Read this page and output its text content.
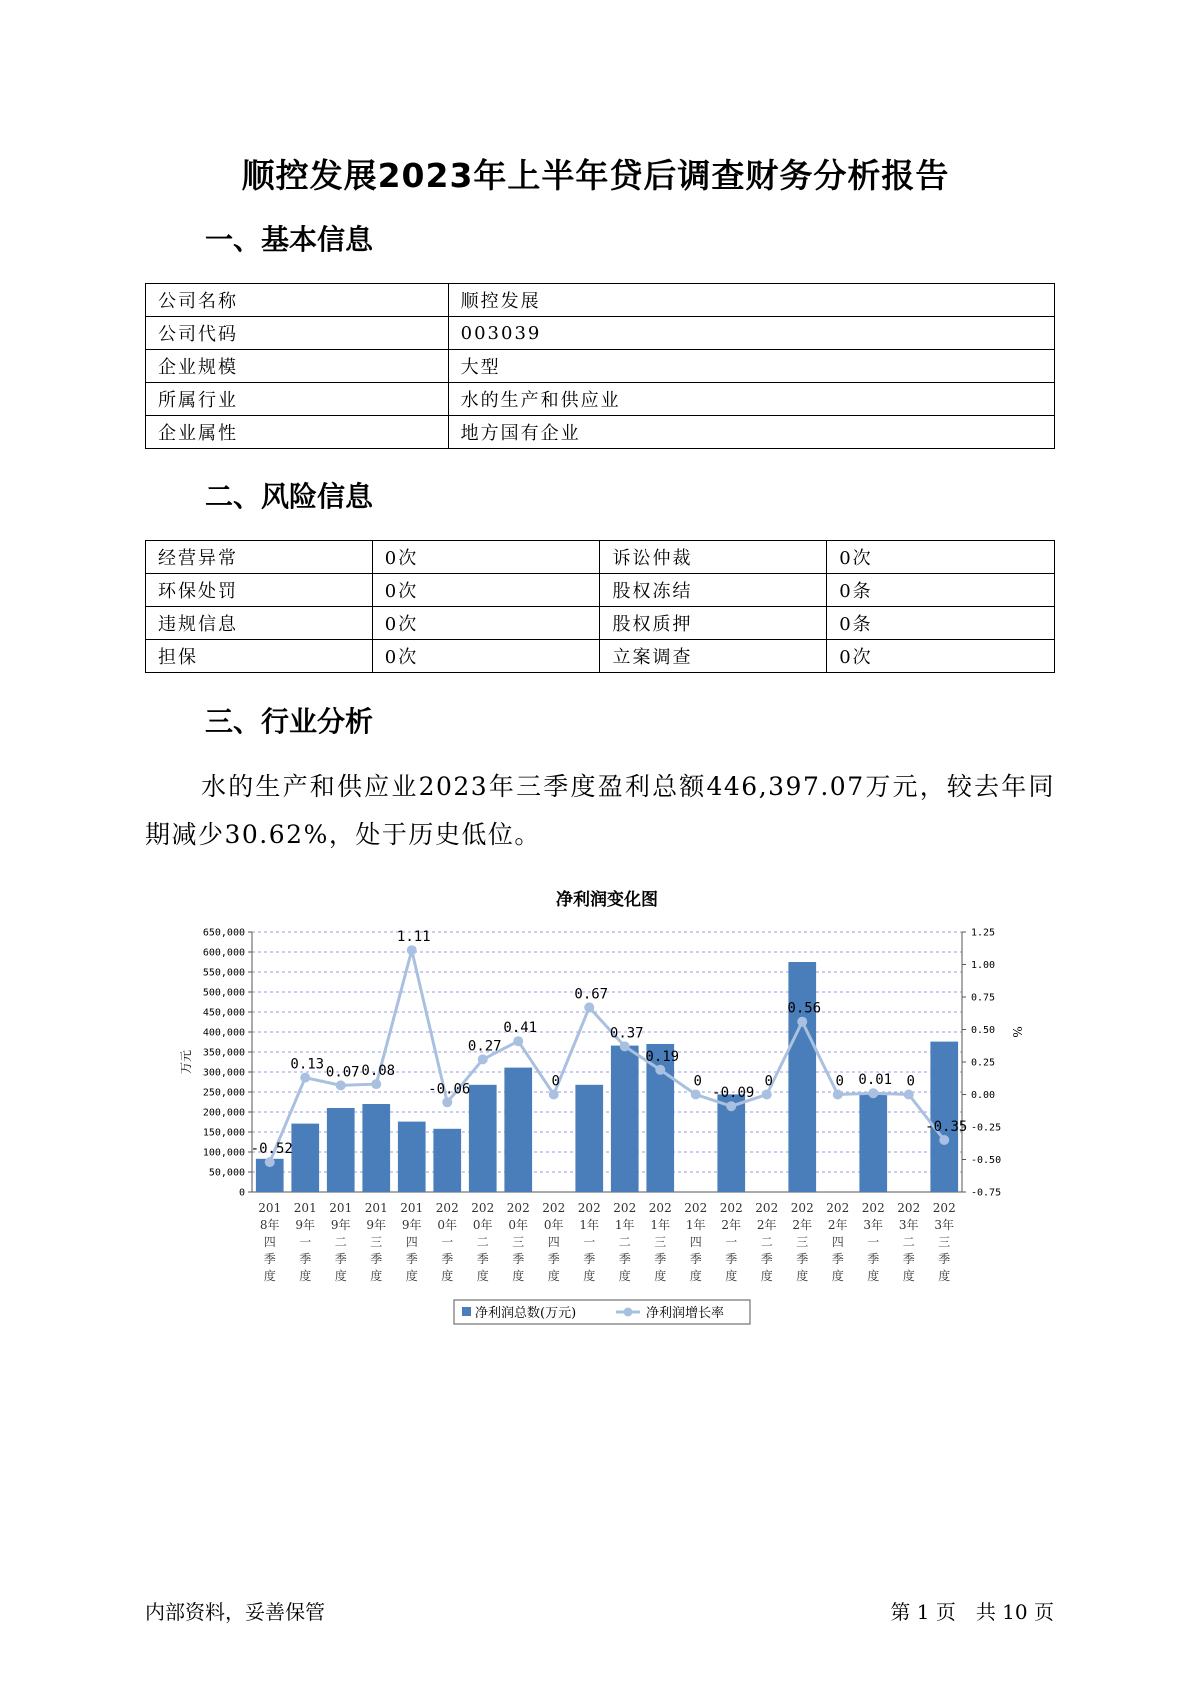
顺控发展2023年上半年贷后调查财务分析报告
一、基本信息
公司名称	顺控发展
公司代码	003039
企业规模	大型
所属行业	水的生产和供应业
企业属性	地方国有企业
二、风险信息
经营异常	0次	诉讼仲裁	0次
环保处罚	0次	股权冻结	0条
违规信息	0次	股权质押	0条
担保	0次	立案调查	0次
三、行业分析
水的生产和供应业2023年三季度盈利总额446,397.07万元，较去年同期减少30.62%，处于历史低位。
净利润变化图
0
50,000
100,000
150,000
200,000
250,000
300,000
350,000
400,000
450,000
500,000
550,000
600,000
650,000
-0.75
-0.50
-0.25
0.00
0.25
0.50
0.75
1.00
1.25
万元
%
-0.52
0.13 0.07 0.08
1.11
-0.06
0.27
0.41
0
0.67
0.37
0.19
0
-0.09
0
0.56
0 0.01 0
-0.35
201
8年
四
季
度
201
9年
一
季
度
201
9年
二
季
度
201
9年
三
季
度
201
9年
四
季
度
202
0年
一
季
度
202
0年
二
季
度
202
0年
三
季
度
202
0年
四
季
度
202
1年
一
季
度
202
1年
二
季
度
202
1年
三
季
度
202
1年
四
季
度
202
2年
一
季
度
202
2年
二
季
度
202
2年
三
季
度
202
2年
四
季
度
202
3年
一
季
度
202
3年
二
季
度
202
3年
三
季
度
净利润总数(万元)	净利润增长率
内部资料，妥善保管	第 1 页　共 10 页
